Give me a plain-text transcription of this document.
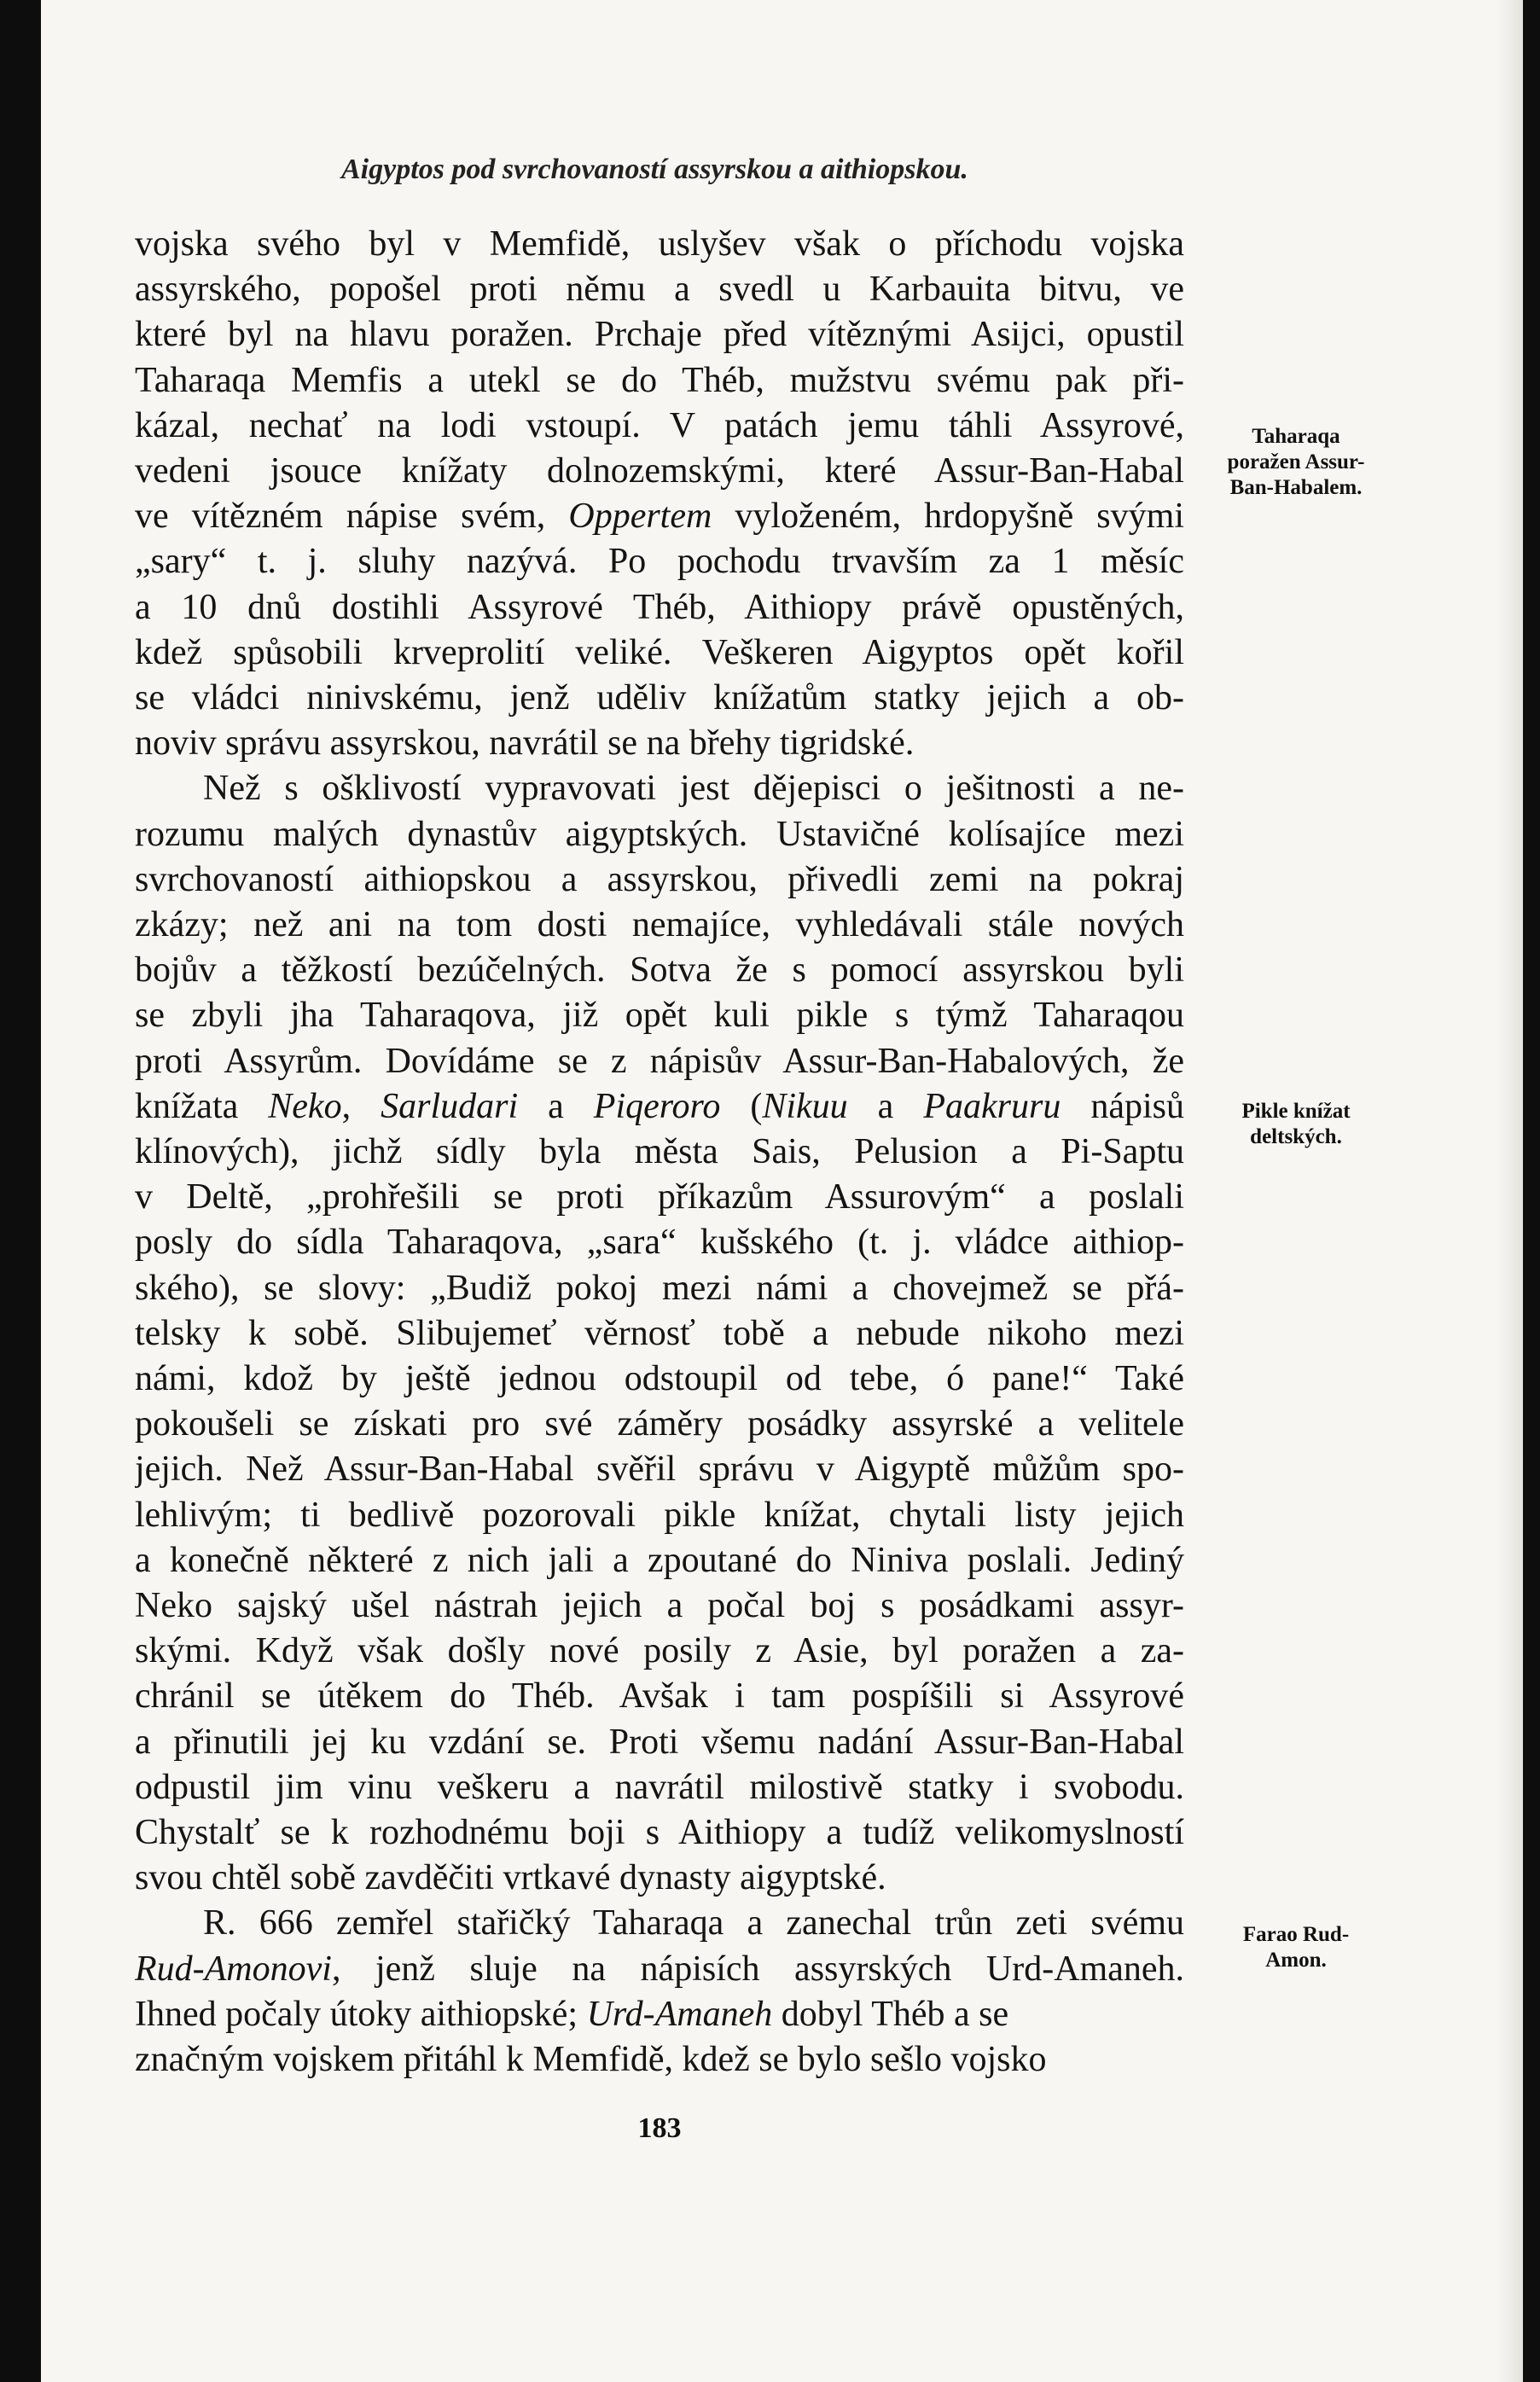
Aigyptos pod svrchovaností assyrskou a aithiopskou.

vojska svého byl v Memfidě, uslyšev však o příchodu vojska
assyrského, popošel proti němu a svedl u Karbauita bitvu, ve
které byl na hlavu poražen. Prchaje před vítěznými Asijci, opustil
Taharaqa Memfis a utekl se do Théb, mužstvu svému pak při-
kázal, nechať na lodi vstoupí. V patách jemu táhli Assyrové,
vedeni jsouce knížaty dolnozemskými, které Assur-Ban-Habal
ve vítězném nápise svém, Oppertem vyloženém, hrdopyšně svými
„sary“ t. j. sluhy nazývá. Po pochodu trvavším za 1 měsíc
a 10 dnů dostihli Assyrové Théb, Aithiopy právě opustěných,
kdež spůsobili krveprolití veliké. Veškeren Aigyptos opět kořil
se vládci ninivskému, jenž uděliv knížatům statky jejich a ob-
noviv správu assyrskou, navrátil se na břehy tigridské.
Než s ošklivostí vypravovati jest dějepisci o ješitnosti a ne-
rozumu malých dynastův aigyptských. Ustavičné kolísajíce mezi
svrchovaností aithiopskou a assyrskou, přivedli zemi na pokraj
zkázy; než ani na tom dosti nemajíce, vyhledávali stále nových
bojův a těžkostí bezúčelných. Sotva že s pomocí assyrskou byli
se zbyli jha Taharaqova, již opět kuli pikle s týmž Taharaqou
proti Assyrům. Dovídáme se z nápisův Assur-Ban-Habalových, že
knížata Neko, Sarludari a Piqeroro (Nikuu a Paakruru nápisů
klínových), jichž sídly byla města Sais, Pelusion a Pi-Saptu
v Deltě, „prohřešili se proti příkazům Assurovým“ a poslali
posly do sídla Taharaqova, „sara“ kušského (t. j. vládce aithiop-
ského), se slovy: „Budiž pokoj mezi námi a chovejmež se přá-
telsky k sobě. Slibujemeť věrnosť tobě a nebude nikoho mezi
námi, kdož by ještě jednou odstoupil od tebe, ó pane!“ Také
pokoušeli se získati pro své záměry posádky assyrské a velitele
jejich. Než Assur-Ban-Habal svěřil správu v Aigyptě můžům spo-
lehlivým; ti bedlivě pozorovali pikle knížat, chytali listy jejich
a konečně některé z nich jali a zpoutané do Niniva poslali. Jediný
Neko sajský ušel nástrah jejich a počal boj s posádkami assyr-
skými. Když však došly nové posily z Asie, byl poražen a za-
chránil se útěkem do Théb. Avšak i tam pospíšili si Assyrové
a přinutili jej ku vzdání se. Proti všemu nadání Assur-Ban-Habal
odpustil jim vinu veškeru a navrátil milostivě statky i svobodu.
Chystalť se k rozhodnému boji s Aithiopy a tudíž velikomyslností
svou chtěl sobě zavděčiti vrtkavé dynasty aigyptské.
R. 666 zemřel stařičký Taharaqa a zanechal trůn zeti svému
Rud-Amonovi, jenž sluje na nápisích assyrských Urd-Amaneh.
Ihned počaly útoky aithiopské; Urd-Amaneh dobyl Théb a se
značným vojskem přitáhl k Memfidě, kdež se bylo sešlo vojsko
Taharaqa
poražen Assur-
Ban-Habalem.
Pikle knížat
deltských.
Farao Rud-
Amon.
183
